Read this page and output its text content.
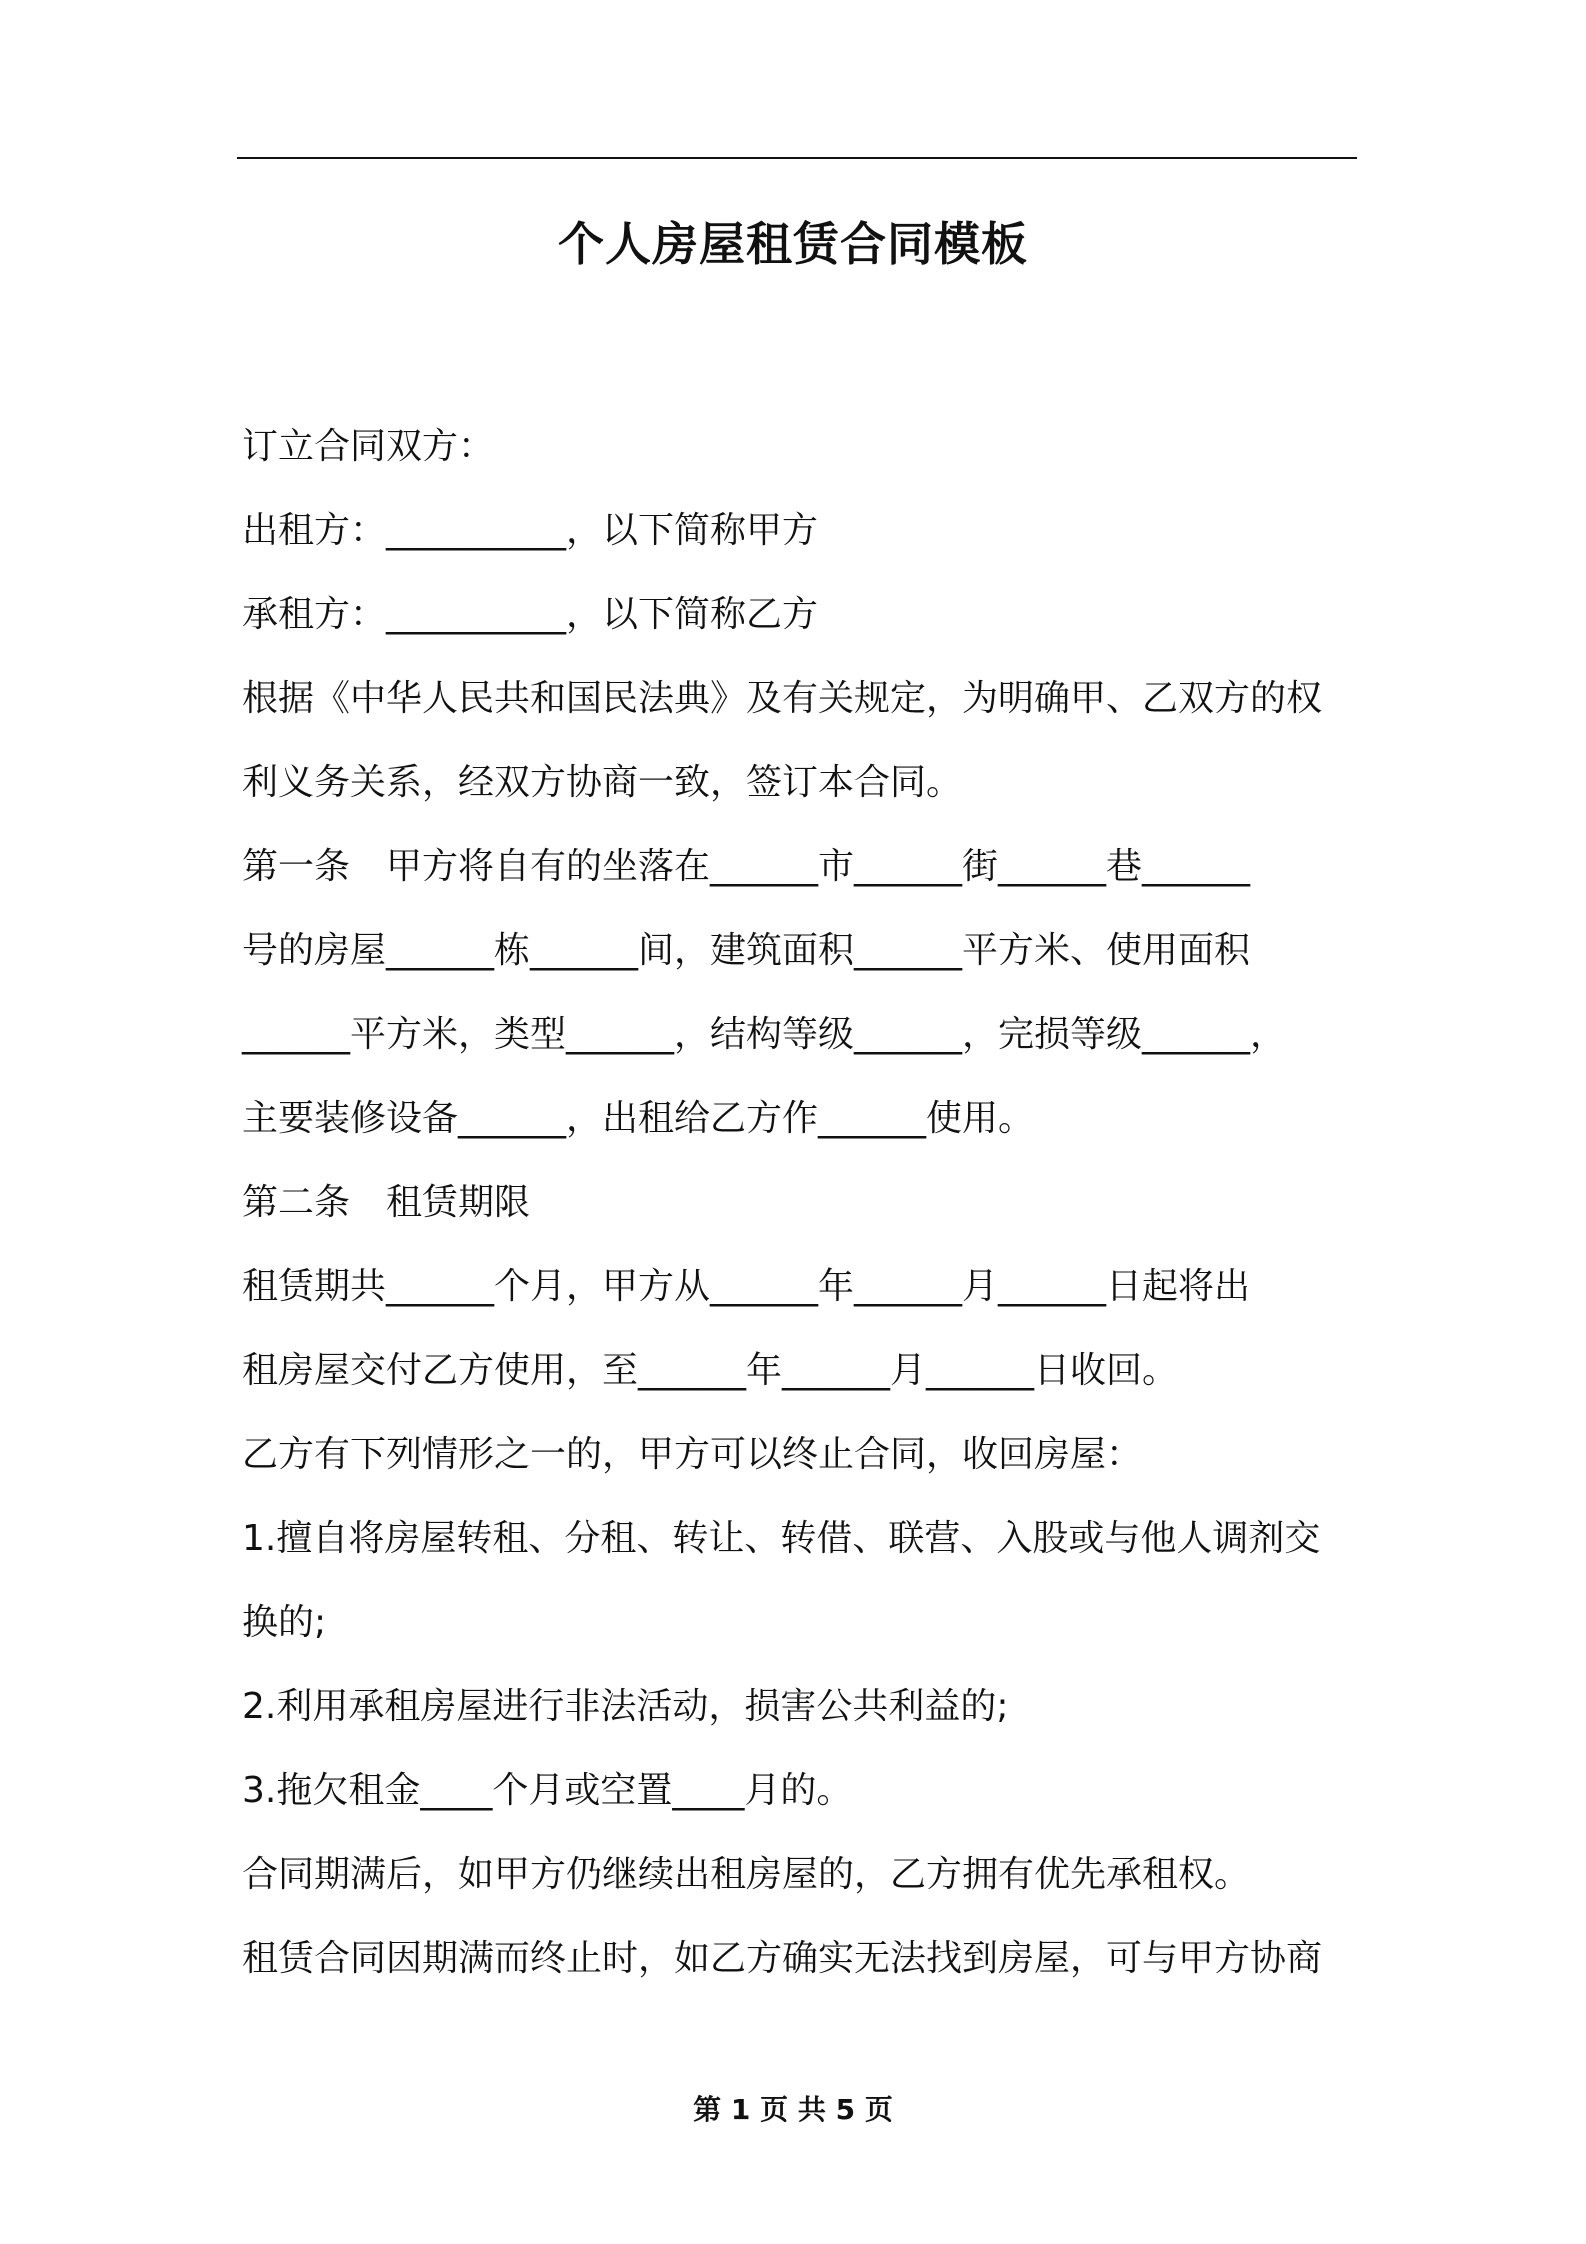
个人房屋租赁合同模板
订立合同双方：
出租方：__________，以下简称甲方
承租方：__________，以下简称乙方
根据《中华人民共和国民法典》及有关规定，为明确甲、乙双方的权
利义务关系，经双方协商一致，签订本合同。
第一条　甲方将自有的坐落在______市______街______巷______
号的房屋______栋______间，建筑面积______平方米、使用面积
______平方米，类型______，结构等级______，完损等级______，
主要装修设备______，出租给乙方作______使用。
第二条　租赁期限
租赁期共______个月，甲方从______年______月______日起将出
租房屋交付乙方使用，至______年______月______日收回。
乙方有下列情形之一的，甲方可以终止合同，收回房屋：
1.擅自将房屋转租、分租、转让、转借、联营、入股或与他人调剂交
换的;
2.利用承租房屋进行非法活动，损害公共利益的;
3.拖欠租金____个月或空置____月的。
合同期满后，如甲方仍继续出租房屋的，乙方拥有优先承租权。
租赁合同因期满而终止时，如乙方确实无法找到房屋，可与甲方协商
第 1 页 共 5 页
